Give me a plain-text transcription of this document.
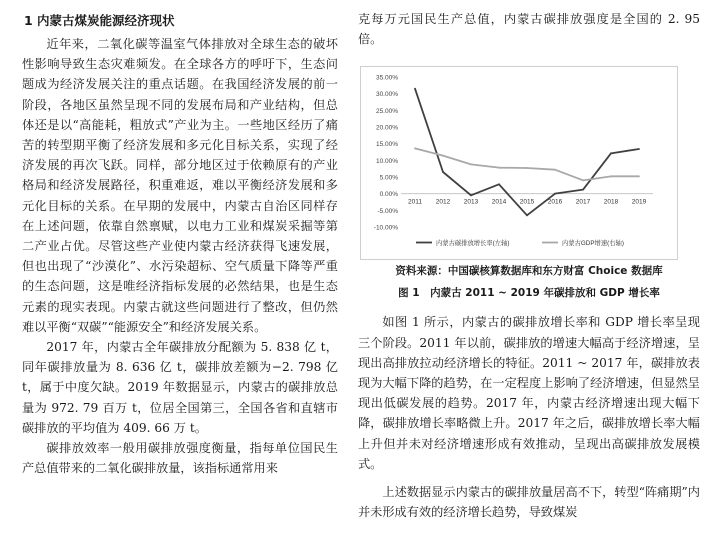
1 内蒙古煤炭能源经济现状

近年来，二氧化碳等温室气体排放对全球生态的破坏性影响导致生态灾难频发。在全球各方的呼吁下，生态问题成为经济发展关注的重点话题。在我国经济发展的前一阶段，各地区虽然呈现不同的发展布局和产业结构，但总体还是以“高能耗，粗放式”产业为主。一些地区经历了痛苦的转型期平衡了经济发展和多元化目标关系，实现了经济发展的再次飞跃。同样，部分地区过于依赖原有的产业格局和经济发展路径，积重难返，难以平衡经济发展和多元化目标的关系。在早期的发展中，内蒙古自治区同样存在上述问题，依靠自然禀赋，以电力工业和煤炭采掘等第二产业占优。尽管这些产业使内蒙古经济获得飞速发展，但也出现了“沙漠化”、水污染超标、空气质量下降等严重的生态问题，这是唯经济指标发展的必然结果，也是生态元素的现实表现。内蒙古就这些问题进行了整改，但仍然难以平衡“双碳”“能源安全”和经济发展关系。

2017 年，内蒙古全年碳排放分配额为 5. 838 亿 t，同年碳排放量为 8. 636 亿 t，碳排放差额为−2. 798 亿 t，属于中度欠缺。2019 年数据显示，内蒙古的碳排放总量为 972. 79 百万 t，位居全国第三，全国各省和直辖市碳排放的平均值为 409. 66 万 t。

碳排放效率一般用碳排放强度衡量，指每单位国民生产总值带来的二氧化碳排放量，该指标通常用来

克每万元国民生产总值，内蒙古碳排放强度是全国的 2. 95 倍。

如图 1 所示，内蒙古的碳排放增长率和 GDP 增长率呈现三个阶段。2011 年以前，碳排放的增速大幅高于经济增速，呈现出高排放拉动经济增长的特征。2011 ~ 2017 年，碳排放表现为大幅下降的趋势，在一定程度上影响了经济增速，但显然呈现出低碳发展的趋势。2017 年，内蒙古经济增速出现大幅下降，碳排放增长率略微上升。2017 年之后，碳排放增长率大幅上升但并未对经济增速形成有效推动，呈现出高碳排放发展模式。

上述数据显示内蒙古的碳排放量居高不下，转型“阵痛期”内并未形成有效的经济增长趋势，导致煤炭

35.00%
30.00%
25.00%
20.00%
15.00%
10.00%
5.00%
0.00%
-5.00%
-10.00%
2011 2012 2013 2014 2015 2016 2017 2018 2019
内蒙古碳排放增长率(左轴)	内蒙古GDP增速(右轴)
资料来源：中国碳核算数据库和东方财富 Choice 数据库
图 1　内蒙古 2011 ~ 2019 年碳排放和 GDP 增长率
